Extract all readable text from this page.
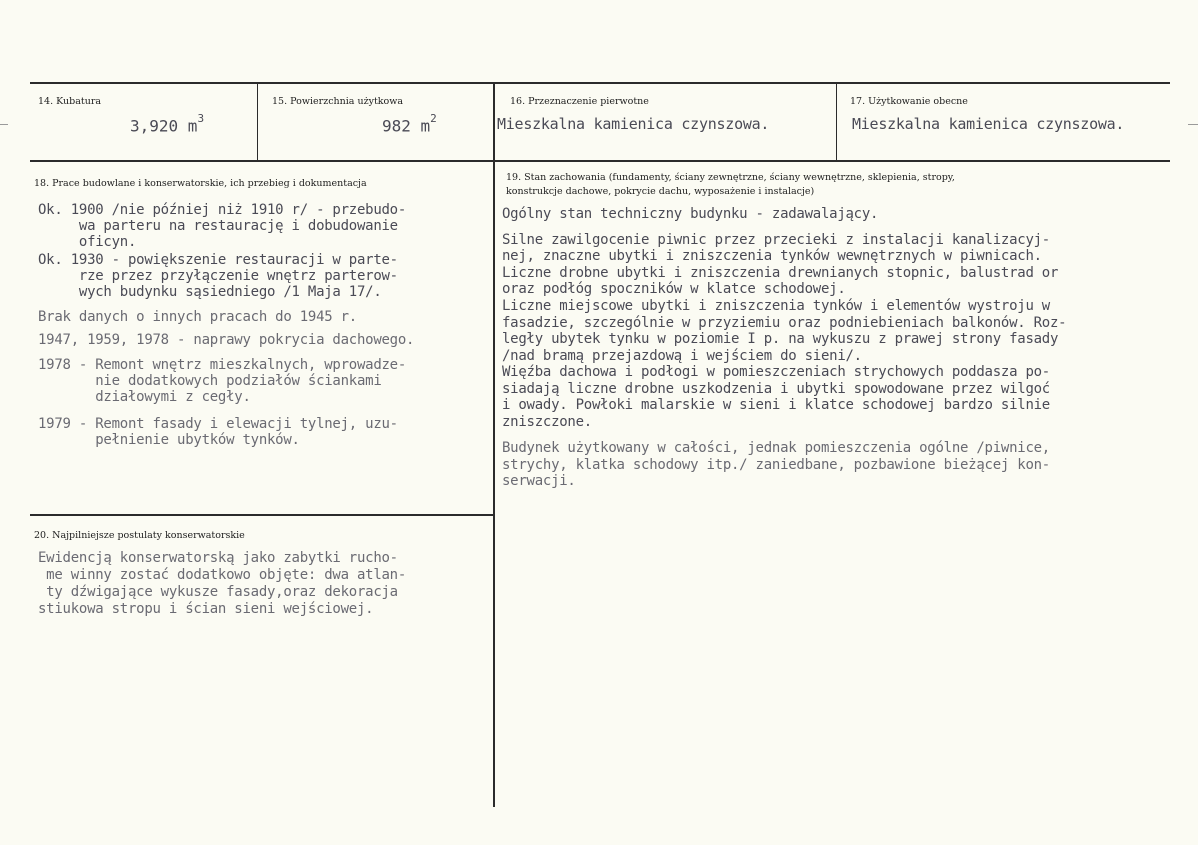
14. Kubatura
3,920 $m^3$
15. Powierzchnia użytkowa
982 $m^2$
16. Przeznaczenie pierwotne
Mieszkalna kamienica czynszowa.
17. Użytkowanie obecne
Mieszkalna kamienica czynszowa.
18. Prace budowlane i konserwatorskie, ich przebieg i dokumentacja
Ok. 1900 /nie później niż 1910 r/ - przebudo-
wa parteru na restaurację i dobudowanie
oficyn.
Ok. 1930 - powiększenie restauracji w parte-
rze przez przyłączenie wnętrz parterow-
wych budynku sąsiedniego /1 Maja 17/.
Brak danych o innych pracach do 1945 r.
1947, 1959, 1978 - naprawy pokrycia dachowego.
1978 - Remont wnętrz mieszkalnych, wprowadze-
nie dodatkowych podziałów ściankami
działowymi z cegły.
1979 - Remont fasady i elewacji tylnej, uzu-
pełnienie ubytków tynków.
19. Stan zachowania (fundamenty, ściany zewnętrzne, ściany wewnętrzne, sklepienia, stropy,
konstrukcje dachowe, pokrycie dachu, wyposażenie i instalacje)
Ogólny stan techniczny budynku - zadawalający.
Silne zawilgocenie piwnic przez przecieki z instalacji kanalizacyj-
nej, znaczne ubytki i zniszczenia tynków wewnętrznych w piwnicach.
Liczne drobne ubytki i zniszczenia drewnianych stopnic, balustrad or
oraz podłóg spoczników w klatce schodowej.
Liczne miejscowe ubytki i zniszczenia tynków i elementów wystroju w
fasadzie, szczególnie w przyziemiu oraz podniebieniach balkonów. Roz-
legły ubytek tynku w poziomie I p. na wykuszu z prawej strony fasady
/nad bramą przejazdową i wejściem do sieni/.
Więźba dachowa i podłogi w pomieszczeniach strychowych poddasza po-
siadają liczne drobne uszkodzenia i ubytki spowodowane przez wilgoć
i owady. Powłoki malarskie w sieni i klatce schodowej bardzo silnie
zniszczone.
Budynek użytkowany w całości, jednak pomieszczenia ogólne /piwnice,
strychy, klatka schodowy itp./ zaniedbane, pozbawione bieżącej kon-
serwacji.
20. Najpilniejsze postulaty konserwatorskie
Ewidencją konserwatorską jako zabytki rucho-
me winny zostać dodatkowo objęte: dwa atlan-
ty dźwigające wykusze fasady,oraz dekoracja
stiukowa stropu i ścian sieni wejściowej.
